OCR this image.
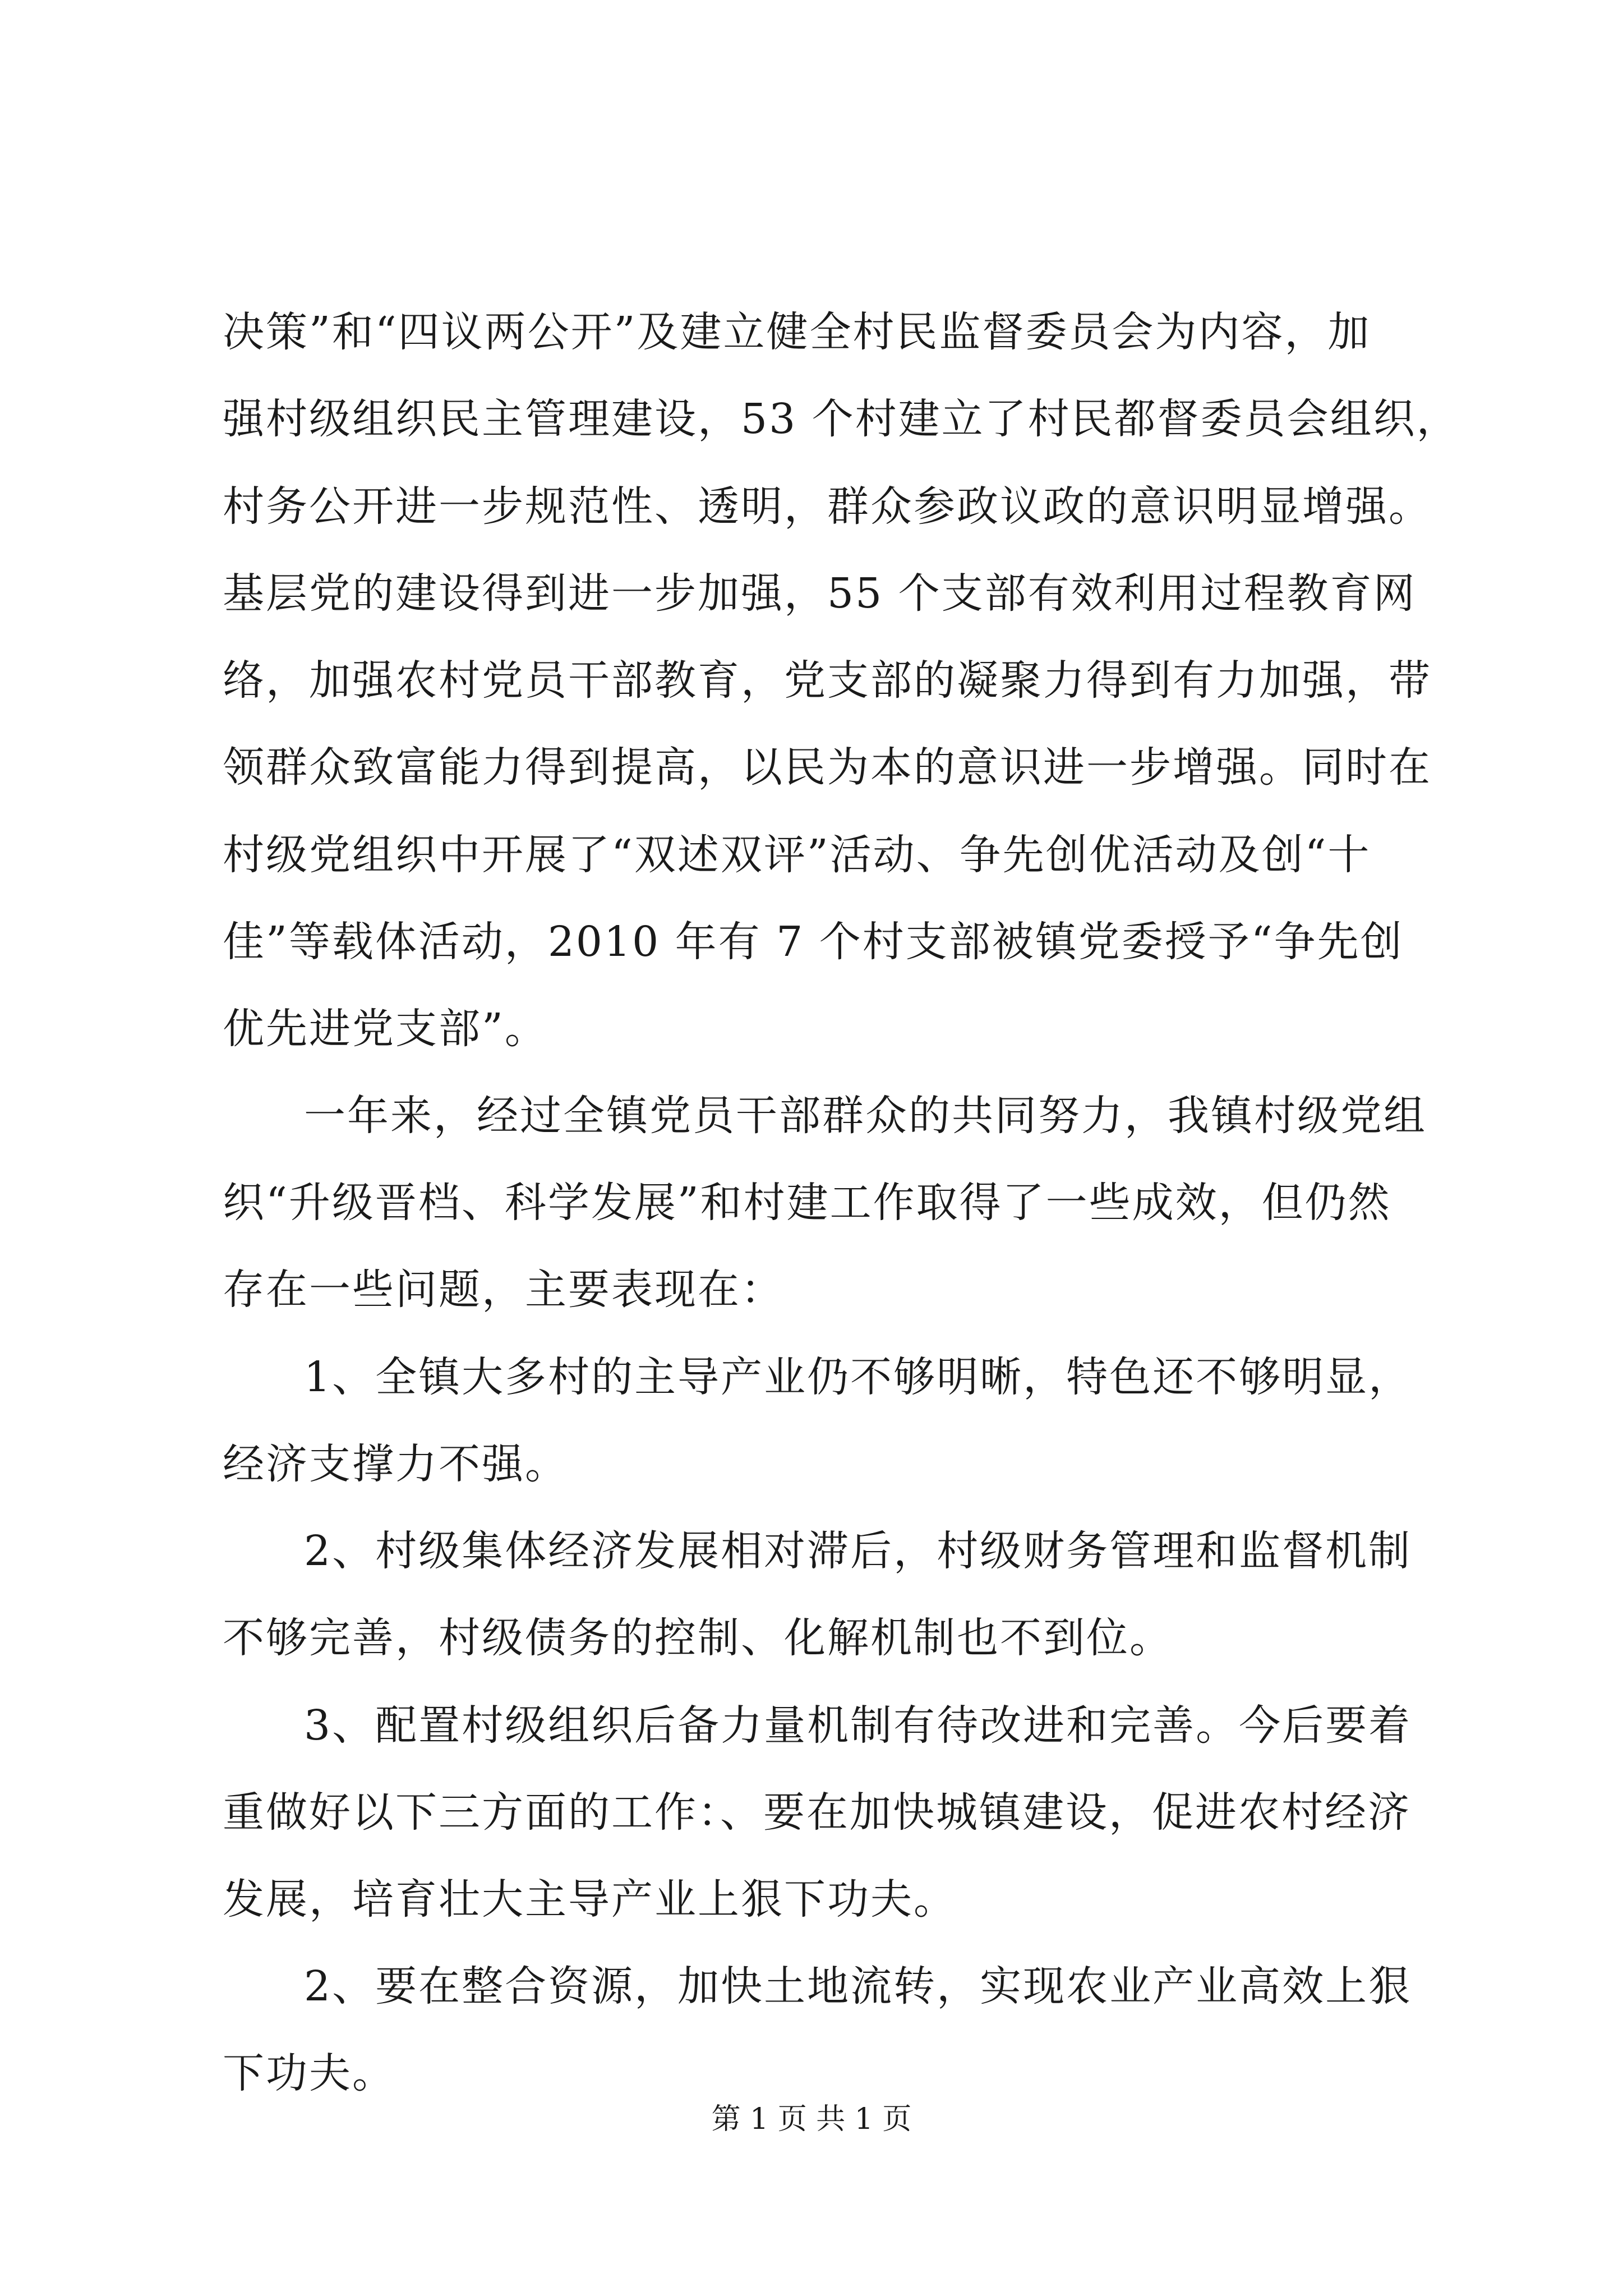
决策”和“四议两公开”及建立健全村民监督委员会为内容，加
强村级组织民主管理建设，53 个村建立了村民都督委员会组织，
村务公开进一步规范性、透明，群众参政议政的意识明显增强。
基层党的建设得到进一步加强，55 个支部有效利用过程教育网
络，加强农村党员干部教育，党支部的凝聚力得到有力加强，带
领群众致富能力得到提高，以民为本的意识进一步增强。同时在
村级党组织中开展了“双述双评”活动、争先创优活动及创“十
佳”等载体活动，2010 年有 7 个村支部被镇党委授予“争先创
优先进党支部”。
一年来，经过全镇党员干部群众的共同努力，我镇村级党组
织“升级晋档、科学发展”和村建工作取得了一些成效，但仍然
存在一些问题，主要表现在：
1、全镇大多村的主导产业仍不够明晰，特色还不够明显，
经济支撑力不强。
2、村级集体经济发展相对滞后，村级财务管理和监督机制
不够完善，村级债务的控制、化解机制也不到位。
3、配置村级组织后备力量机制有待改进和完善。今后要着
重做好以下三方面的工作：、要在加快城镇建设，促进农村经济
发展，培育壮大主导产业上狠下功夫。
2、要在整合资源，加快土地流转，实现农业产业高效上狠
下功夫。
第 1 页 共 1 页
